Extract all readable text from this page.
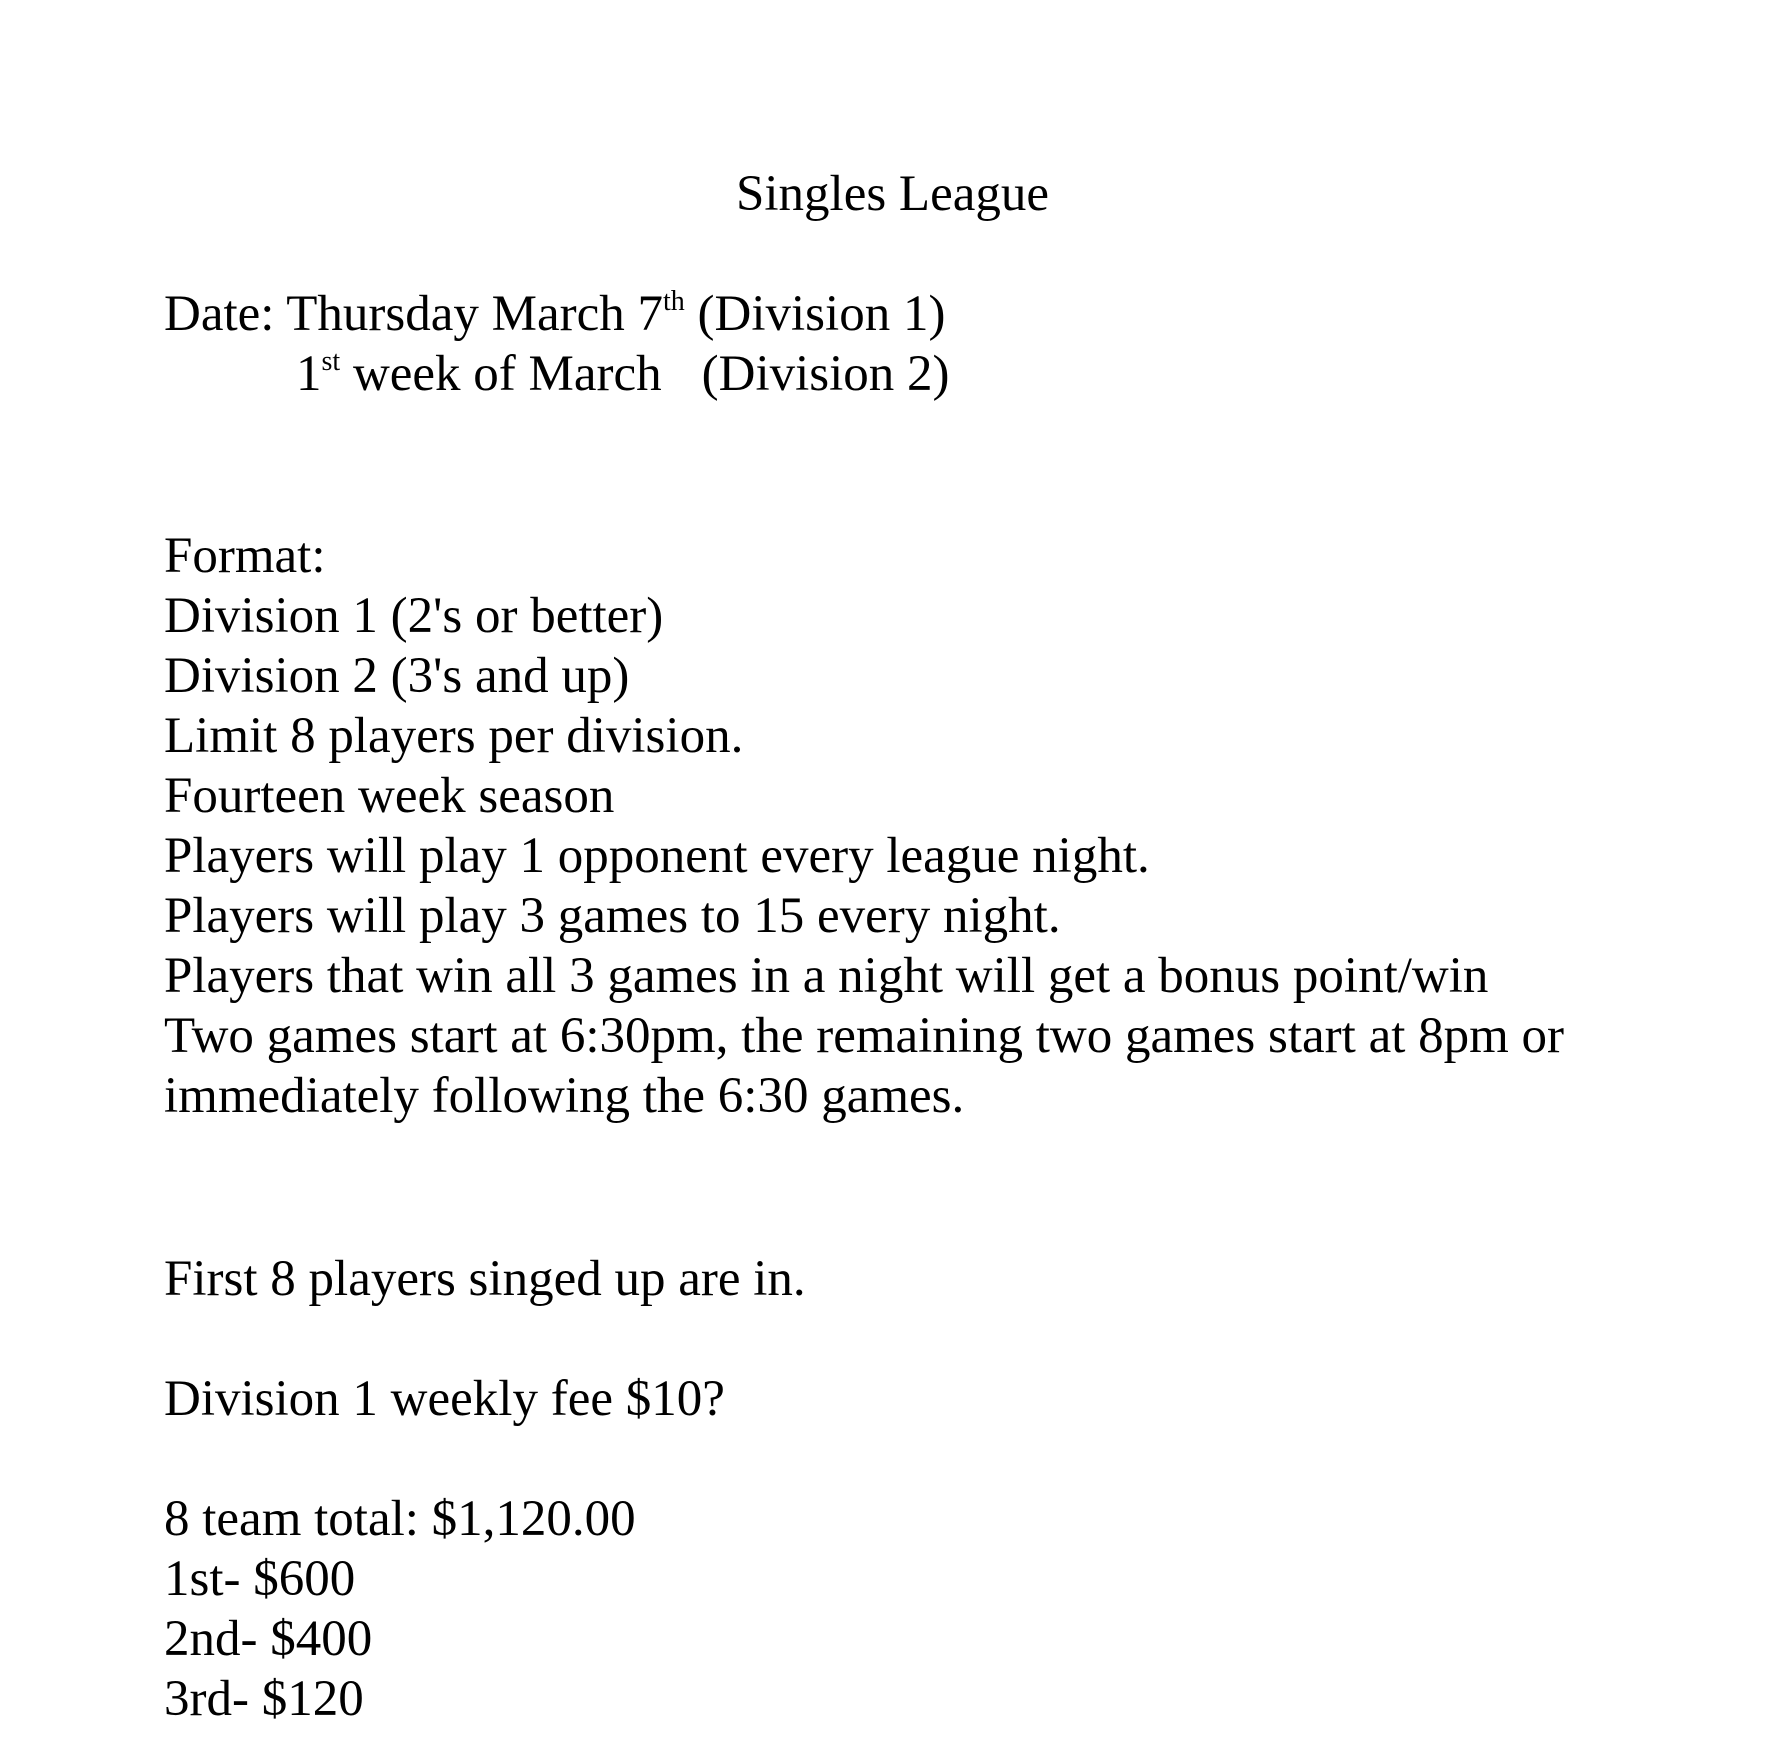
Singles League
Date: Thursday March 7th (Division 1)
1st week of March (Division 2)
Format:
Division 1 (2's or better)
Division 2 (3's and up)
Limit 8 players per division.
Fourteen week season
Players will play 1 opponent every league night.
Players will play 3 games to 15 every night.
Players that win all 3 games in a night will get a bonus point/win
Two games start at 6:30pm, the remaining two games start at 8pm or
immediately following the 6:30 games.
First 8 players singed up are in.
Division 1 weekly fee $10?
8 team total: $1,120.00
1st- $600
2nd- $400
3rd- $120
